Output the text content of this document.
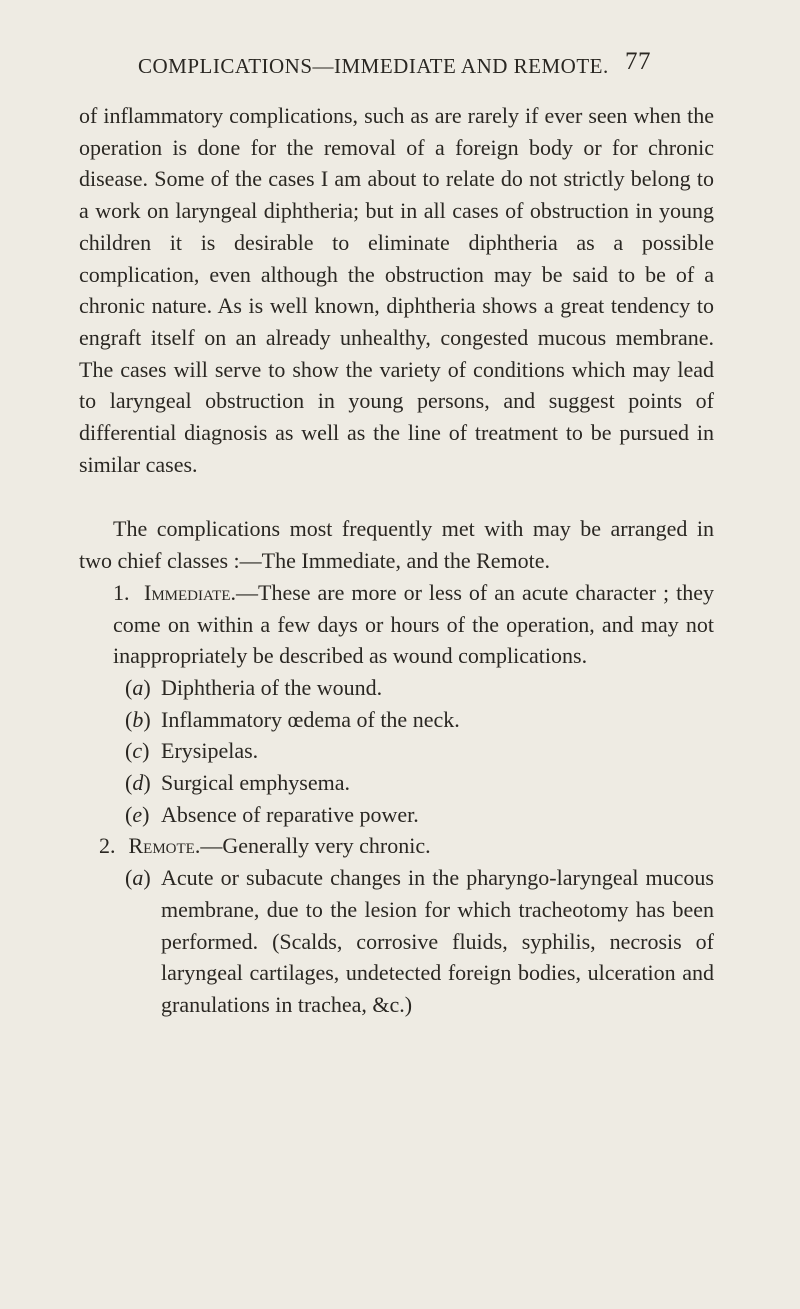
COMPLICATIONS—IMMEDIATE AND REMOTE. 77

of inflammatory complications, such as are rarely if ever seen when the operation is done for the removal of a foreign body or for chronic disease. Some of the cases I am about to relate do not strictly belong to a work on laryngeal diphtheria; but in all cases of obstruction in young children it is desirable to eliminate diphtheria as a possible complication, even although the obstruction may be said to be of a chronic nature. As is well known, diphtheria shows a great tendency to engraft itself on an already unhealthy, congested mucous membrane. The cases will serve to show the variety of conditions which may lead to laryngeal obstruction in young persons, and suggest points of differential diagnosis as well as the line of treatment to be pursued in similar cases.

The complications most frequently met with may be arranged in two chief classes :—The Immediate, and the Remote.

1. Immediate.—These are more or less of an acute character ; they come on within a few days or hours of the operation, and may not inappropriately be described as wound complications.

(a) Diphtheria of the wound.

(b) Inflammatory œdema of the neck.

(c) Erysipelas.

(d) Surgical emphysema.

(e) Absence of reparative power.

2. Remote.—Generally very chronic.

(a) Acute or subacute changes in the pharyngo-laryngeal mucous membrane, due to the lesion for which tracheotomy has been performed. (Scalds, corrosive fluids, syphilis, necrosis of laryngeal cartilages, undetected foreign bodies, ulceration and granulations in trachea, &c.)
